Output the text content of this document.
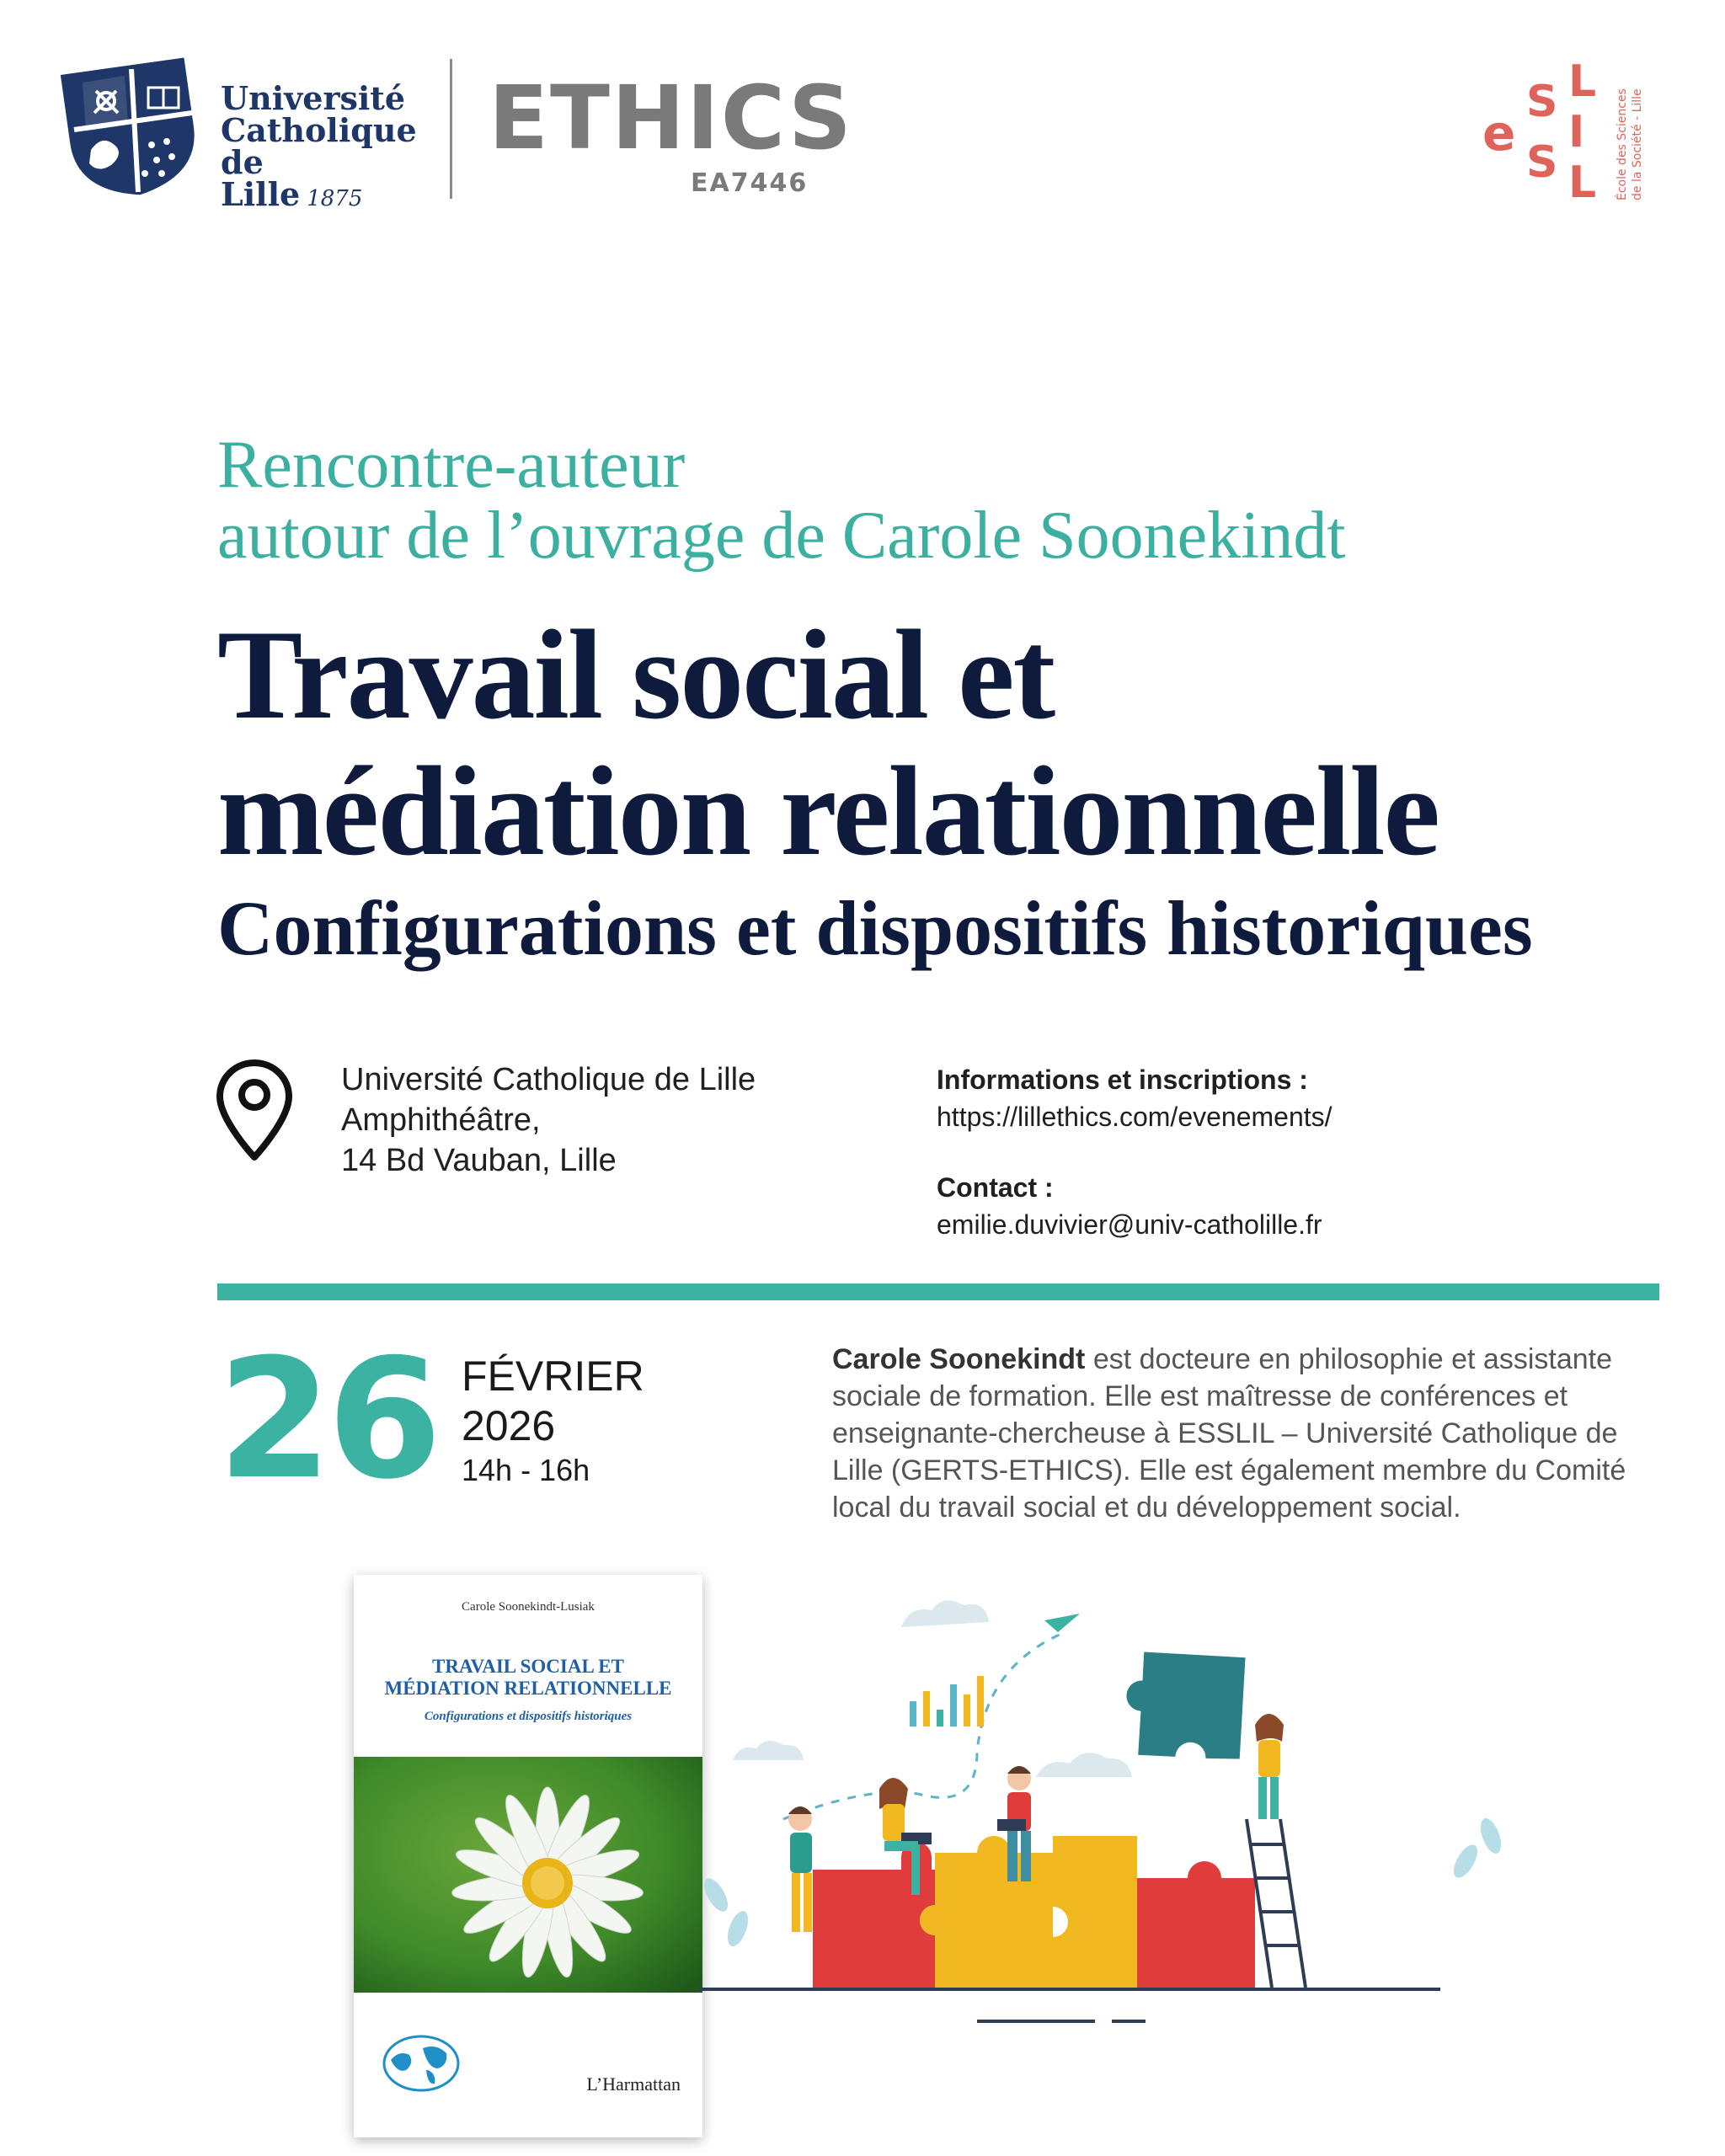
Université
Catholique
de Lille 1875
ETHICS
EA7446
e
S
S
L
I
L École des Sciences de la Société - Lille
Rencontre-auteur
autour de l’ouvrage de Carole Soonekindt
Travail social et
médiation relationnelle
Configurations et dispositifs historiques
Université Catholique de Lille
Amphithéâtre,
14 Bd Vauban, Lille
Informations et inscriptions :
https://lillethics.com/evenements/
Contact :
emilie.duvivier@univ-catholille.fr
26 FÉVRIER
2026
14h - 16h
Carole Soonekindt est docteure en philosophie et assistante sociale de formation. Elle est maîtresse de conférences et enseignante-chercheuse à ESSLIL – Université Catholique de Lille (GERTS-ETHICS). Elle est également membre du Comité local du travail social et du développement social.
Carole Soonekindt-Lusiak
TRAVAIL SOCIAL ET
MÉDIATION RELATIONNELLE
Configurations et dispositifs historiques
L’Harmattan
